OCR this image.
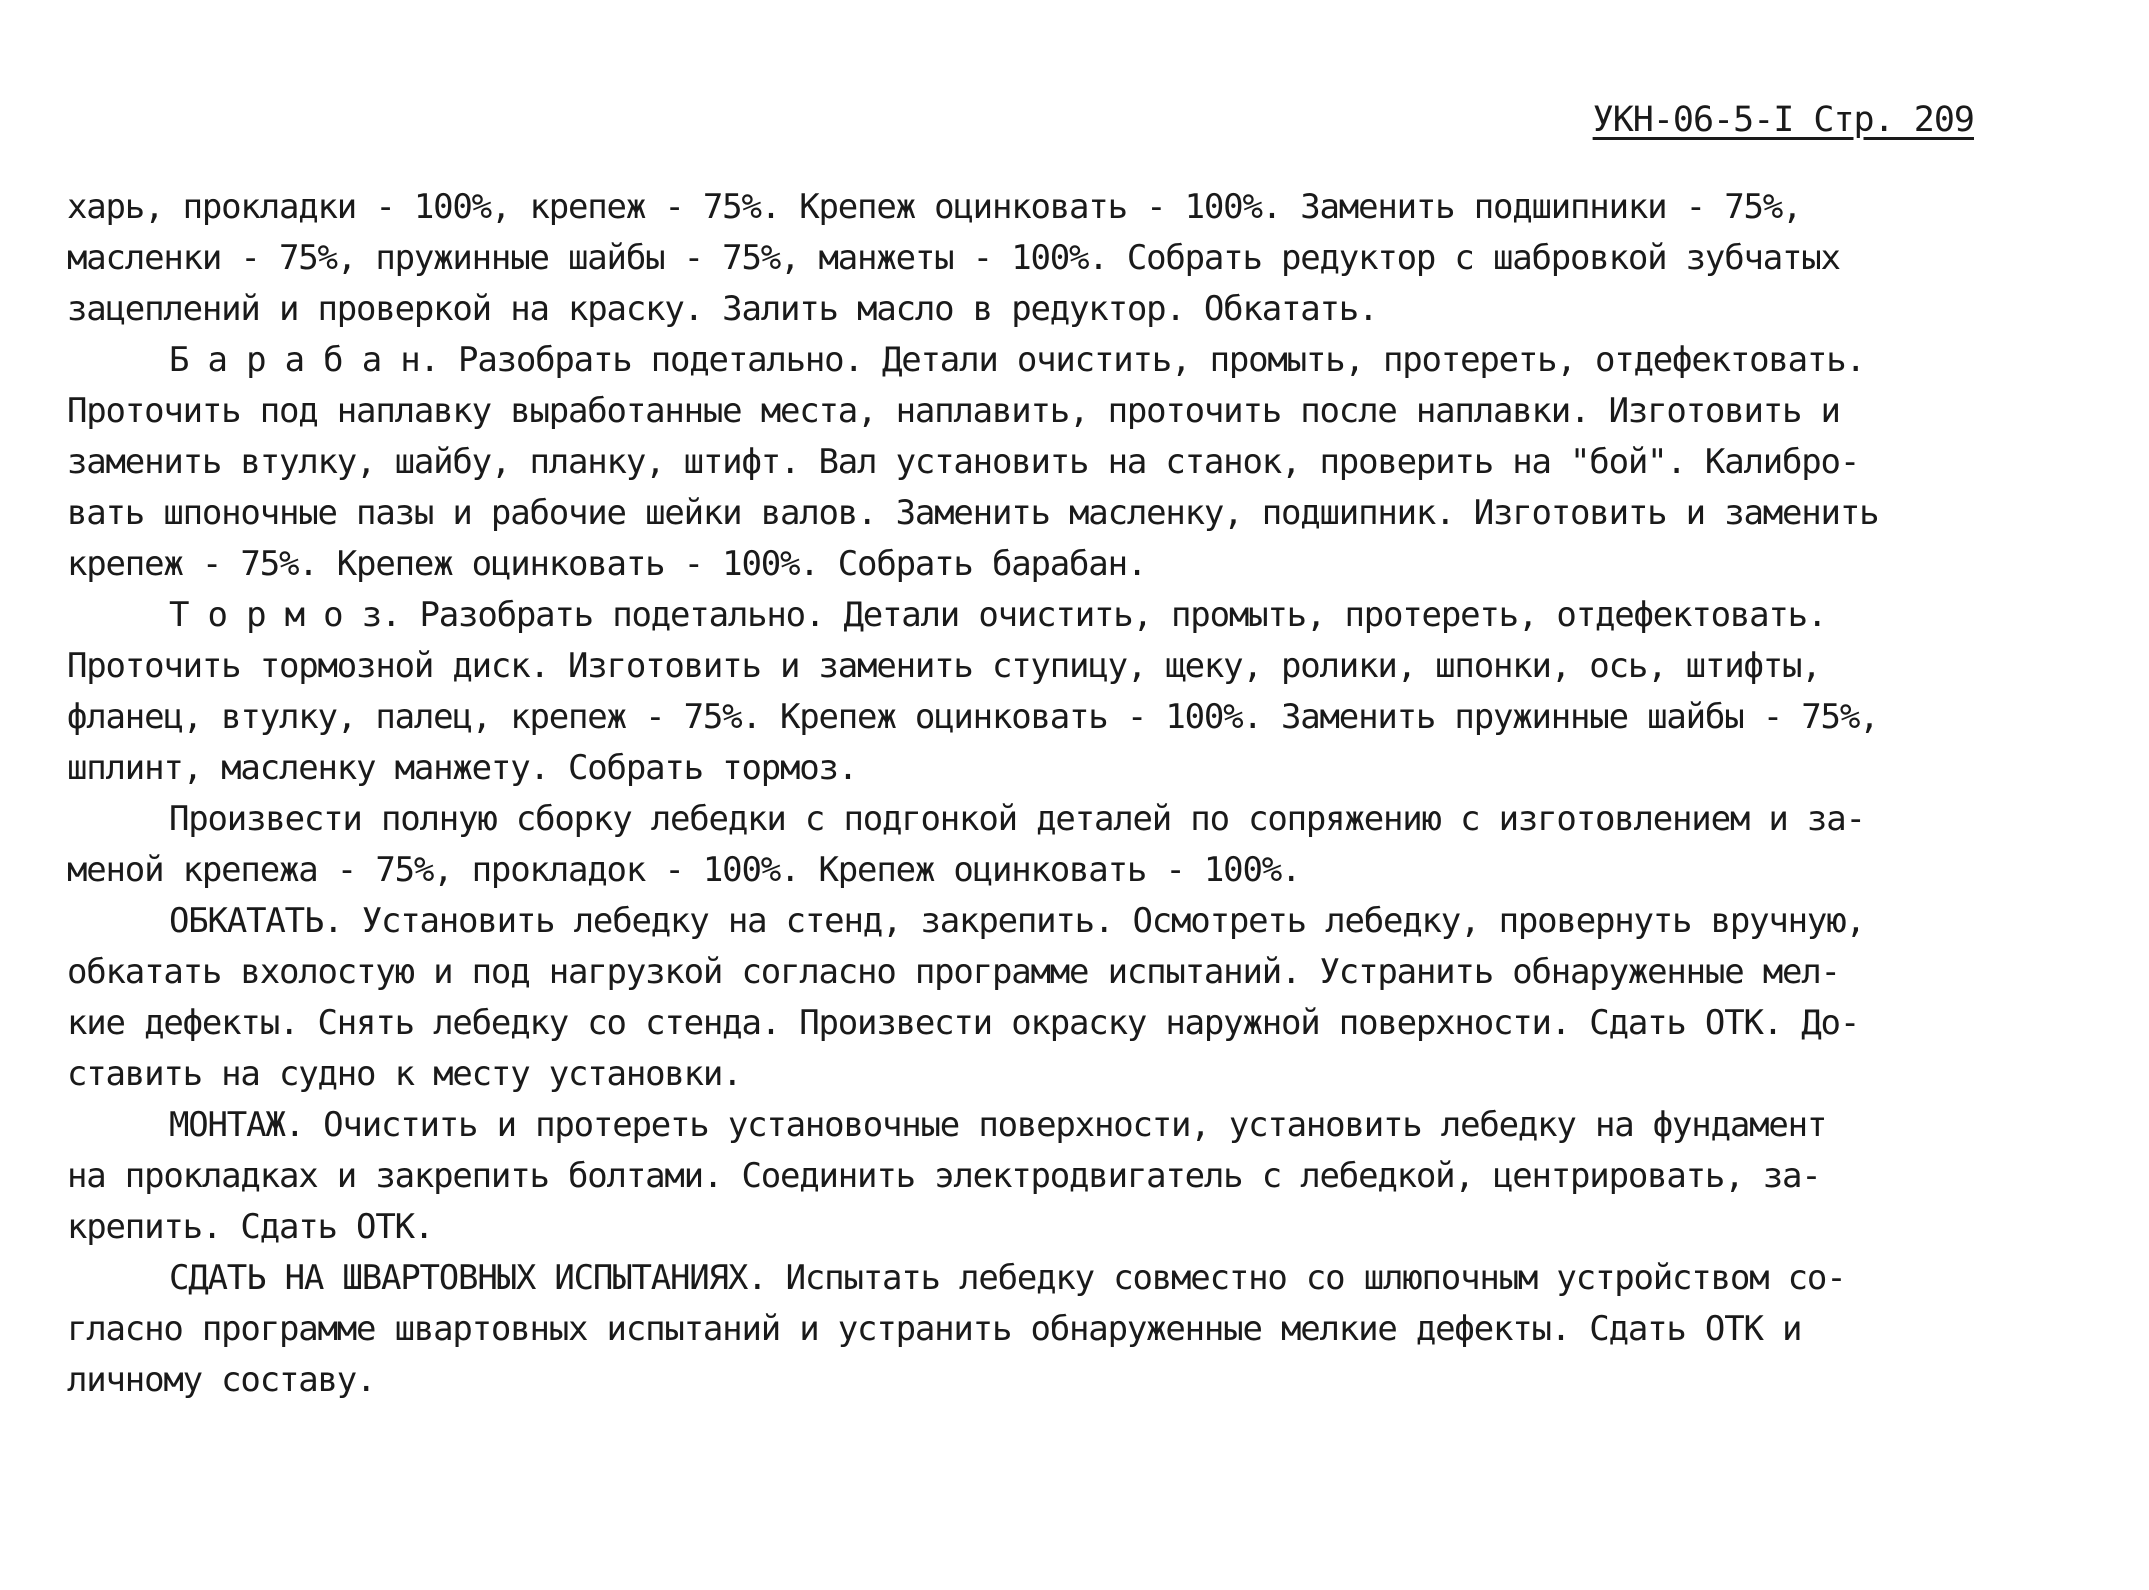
УКН-06-5-I Стр. 209
харь, прокладки - 100%, крепеж - 75%. Крепеж оцинковать - 100%. Заменить подшипники - 75%,
масленки - 75%, пружинные шайбы - 75%, манжеты - 100%. Собрать редуктор с шабровкой зубчатых
зацеплений и проверкой на краску. Залить масло в редуктор. Обкатать.
Б а р а б а н. Разобрать подетально. Детали очистить, промыть, протереть, отдефектовать.
Проточить под наплавку выработанные места, наплавить, проточить после наплавки. Изготовить и
заменить втулку, шайбу, планку, штифт. Вал установить на станок, проверить на "бой". Калибро-
вать шпоночные пазы и рабочие шейки валов. Заменить масленку, подшипник. Изготовить и заменить
крепеж - 75%. Крепеж оцинковать - 100%. Собрать барабан.
Т о р м о з. Разобрать подетально. Детали очистить, промыть, протереть, отдефектовать.
Проточить тормозной диск. Изготовить и заменить ступицу, щеку, ролики, шпонки, ось, штифты,
фланец, втулку, палец, крепеж - 75%. Крепеж оцинковать - 100%. Заменить пружинные шайбы - 75%,
шплинт, масленку манжету. Собрать тормоз.
Произвести полную сборку лебедки с подгонкой деталей по сопряжению с изготовлением и за-
меной крепежа - 75%, прокладок - 100%. Крепеж оцинковать - 100%.
ОБКАТАТЬ. Установить лебедку на стенд, закрепить. Осмотреть лебедку, провернуть вручную,
обкатать вхолостую и под нагрузкой согласно программе испытаний. Устранить обнаруженные мел-
кие дефекты. Снять лебедку со стенда. Произвести окраску наружной поверхности. Сдать ОТК. До-
ставить на судно к месту установки.
МОНТАЖ. Очистить и протереть установочные поверхности, установить лебедку на фундамент
на прокладках и закрепить болтами. Соединить электродвигатель с лебедкой, центрировать, за-
крепить. Сдать ОТК.
СДАТЬ НА ШВАРТОВНЫХ ИСПЫТАНИЯХ. Испытать лебедку совместно со шлюпочным устройством со-
гласно программе швартовных испытаний и устранить обнаруженные мелкие дефекты. Сдать ОТК и
личному составу.
